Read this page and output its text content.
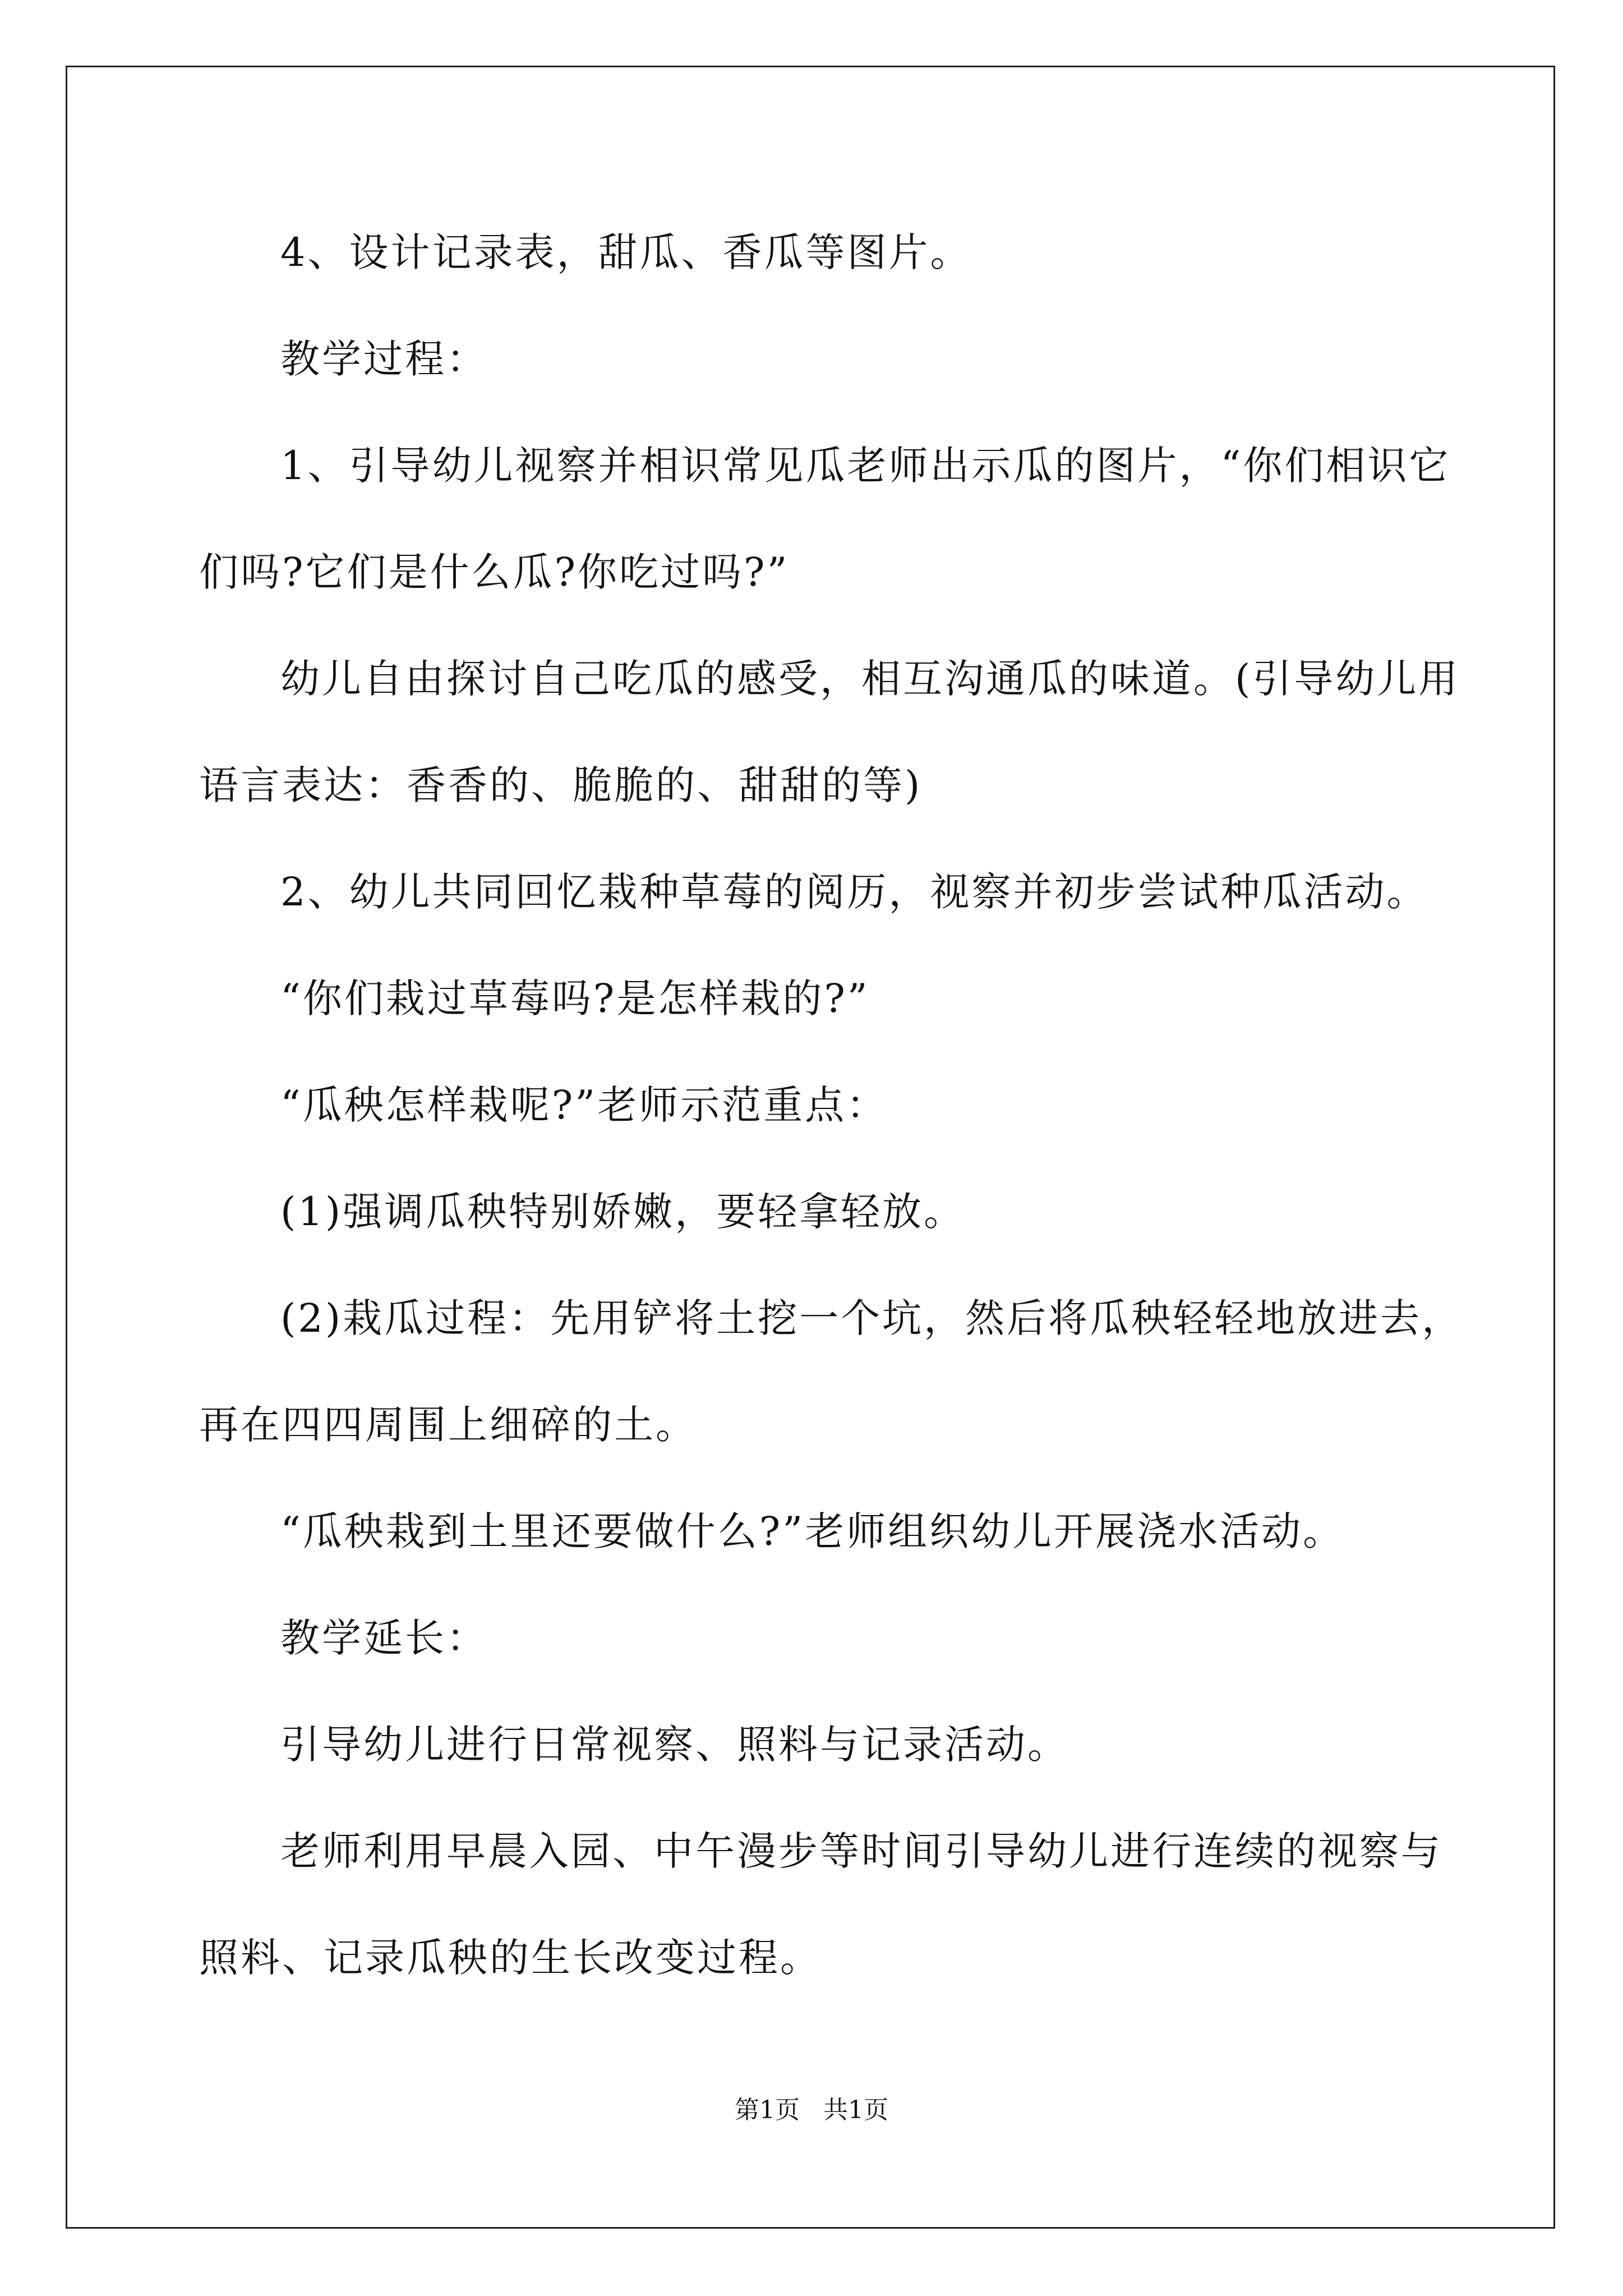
4、设计记录表，甜瓜、香瓜等图片。
教学过程：
1、引导幼儿视察并相识常见瓜老师出示瓜的图片，“你们相识它
们吗?它们是什么瓜?你吃过吗?”
幼儿自由探讨自己吃瓜的感受，相互沟通瓜的味道。(引导幼儿用
语言表达：香香的、脆脆的、甜甜的等)
2、幼儿共同回忆栽种草莓的阅历，视察并初步尝试种瓜活动。
“你们栽过草莓吗?是怎样栽的?”
“瓜秧怎样栽呢?”老师示范重点：
(1)强调瓜秧特别娇嫩，要轻拿轻放。
(2)栽瓜过程：先用铲将土挖一个坑，然后将瓜秧轻轻地放进去，
再在四四周围上细碎的土。
“瓜秧栽到土里还要做什么?”老师组织幼儿开展浇水活动。
教学延长：
引导幼儿进行日常视察、照料与记录活动。
老师利用早晨入园、中午漫步等时间引导幼儿进行连续的视察与
照料、记录瓜秧的生长改变过程。
第1页   共1页
